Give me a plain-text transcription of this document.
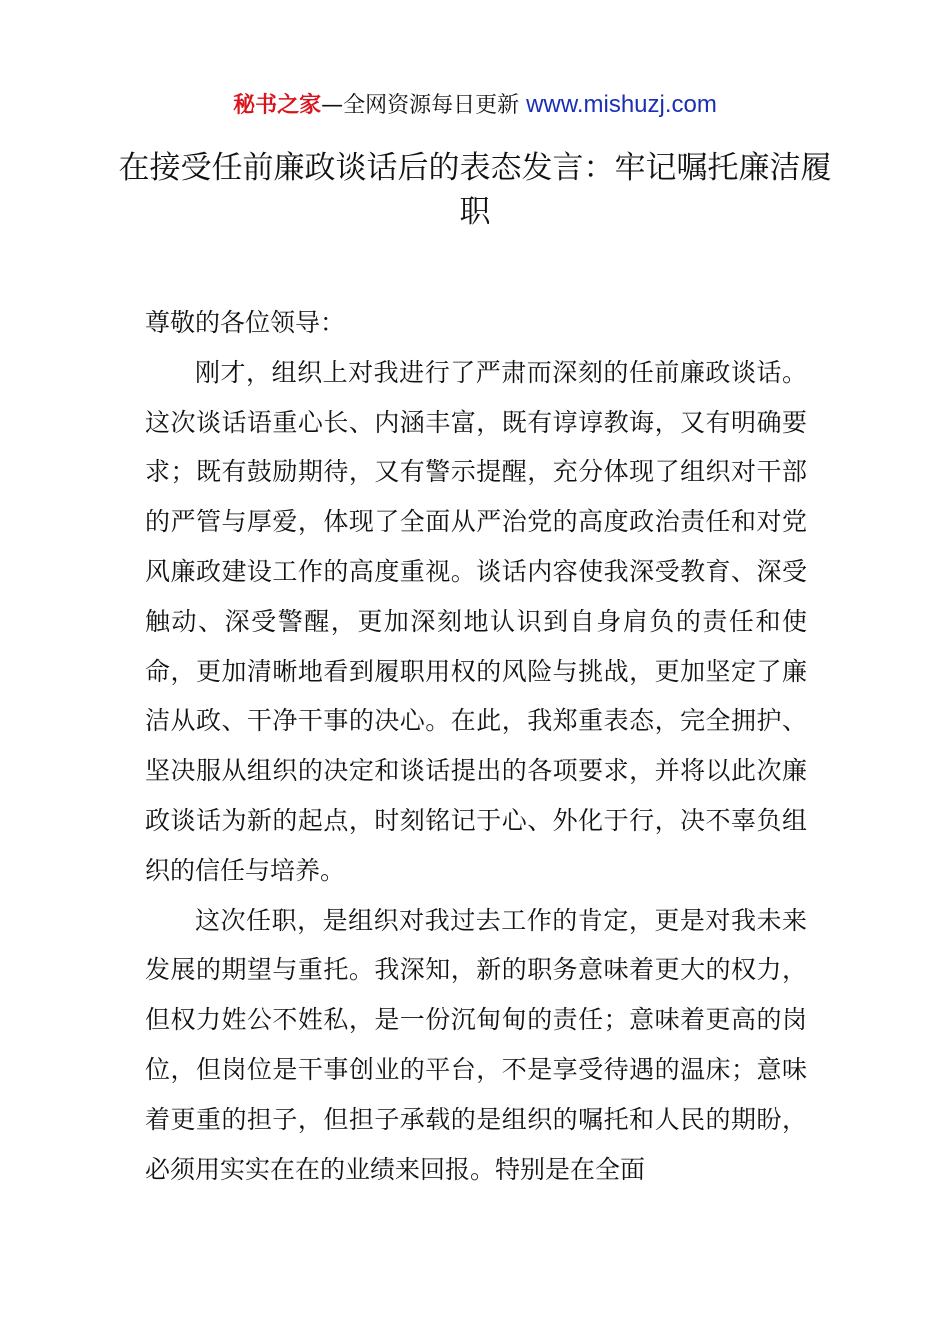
秘书之家—全网资源每日更新 www.mishuzj.com
在接受任前廉政谈话后的表态发言：牢记嘱托廉洁履职

尊敬的各位领导：

刚才，组织上对我进行了严肃而深刻的任前廉政谈话。这次谈话语重心长、内涵丰富，既有谆谆教诲，又有明确要求；既有鼓励期待，又有警示提醒，充分体现了组织对干部的严管与厚爱，体现了全面从严治党的高度政治责任和对党风廉政建设工作的高度重视。谈话内容使我深受教育、深受触动、深受警醒，更加深刻地认识到自身肩负的责任和使命，更加清晰地看到履职用权的风险与挑战，更加坚定了廉洁从政、干净干事的决心。在此，我郑重表态，完全拥护、坚决服从组织的决定和谈话提出的各项要求，并将以此次廉政谈话为新的起点，时刻铭记于心、外化于行，决不辜负组织的信任与培养。

这次任职，是组织对我过去工作的肯定，更是对我未来发展的期望与重托。我深知，新的职务意味着更大的权力，但权力姓公不姓私，是一份沉甸甸的责任；意味着更高的岗位，但岗位是干事创业的平台，不是享受待遇的温床；意味着更重的担子，但担子承载的是组织的嘱托和人民的期盼，必须用实实在在的业绩来回报。特别是在全面
